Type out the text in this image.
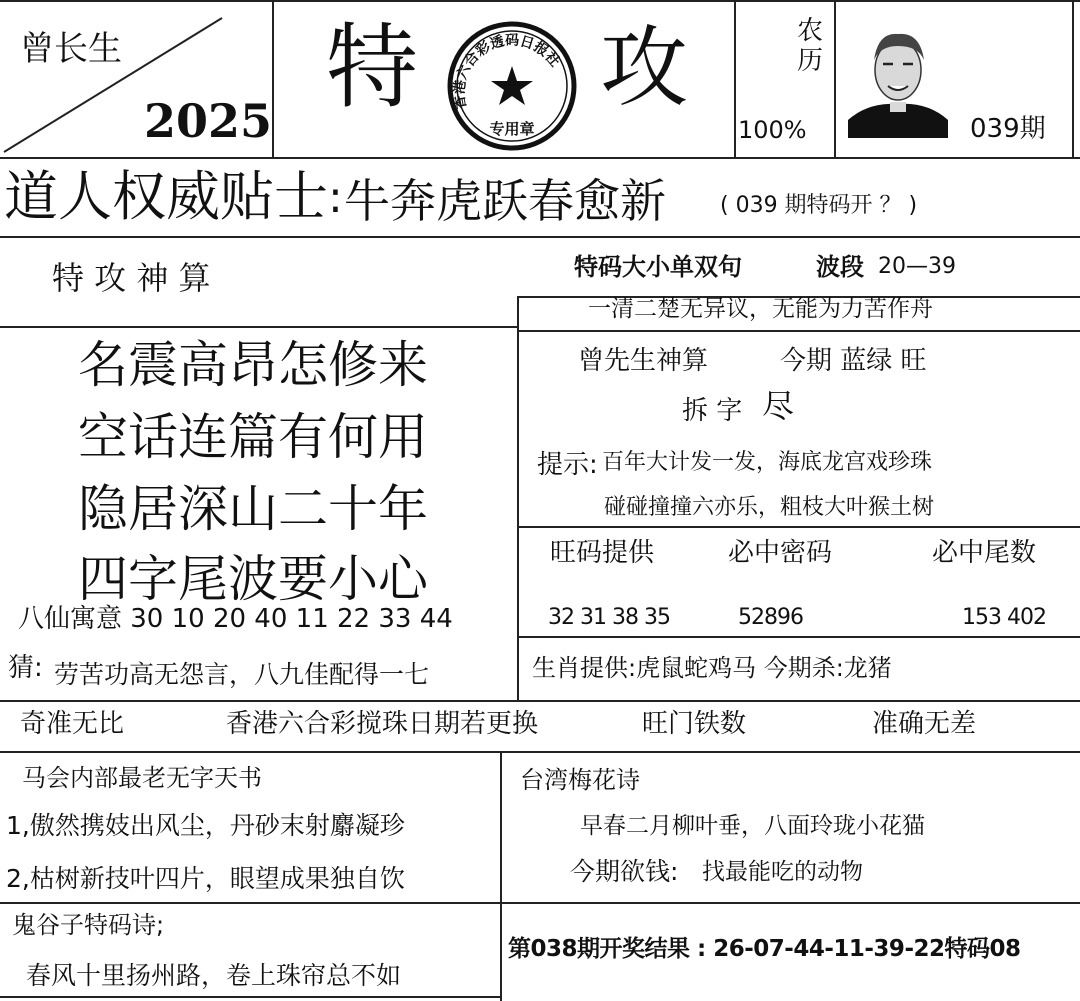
曾长生
2025 特 攻
香港六合彩透码日报社
专用章
农历
100%	039期
道人权威贴士 : 牛奔虎跃春愈新 ( 039 期特码开 ？ )
特 攻 神 算
名震高昂怎修来
空话连篇有何用
隐居深山二十年
四字尾波要小心
八仙寓意 30 10 20 40 11 22 33 44
猜: 劳苦功高无怨言，八九佳配得一七
特码大小单双句	波段 20—39
一清二楚无异议，无能为力苦作舟
曾先生神算	今期 蓝绿 旺
拆 字 尽
提示: 百年大计发一发，海底龙宫戏珍珠
碰碰撞撞六亦乐，粗枝大叶猴土树
旺码提供	必中密码	必中尾数
32 31 38 35	52896	153 402
生肖提供:虎鼠蛇鸡马 今期杀:龙猪
奇准无比	香港六合彩搅珠日期若更换	旺门铁数	准确无差
马会内部最老无字天书
1,傲然携妓出风尘，丹砂末射麝凝珍
2,枯树新技叶四片，眼望成果独自饮
鬼谷子特码诗;
春风十里扬州路，卷上珠帘总不如
台湾梅花诗
早春二月柳叶垂，八面玲珑小花猫
今期欲钱: 找最能吃的动物
第038期开奖结果 : 26-07-44-11-39-22特码08
